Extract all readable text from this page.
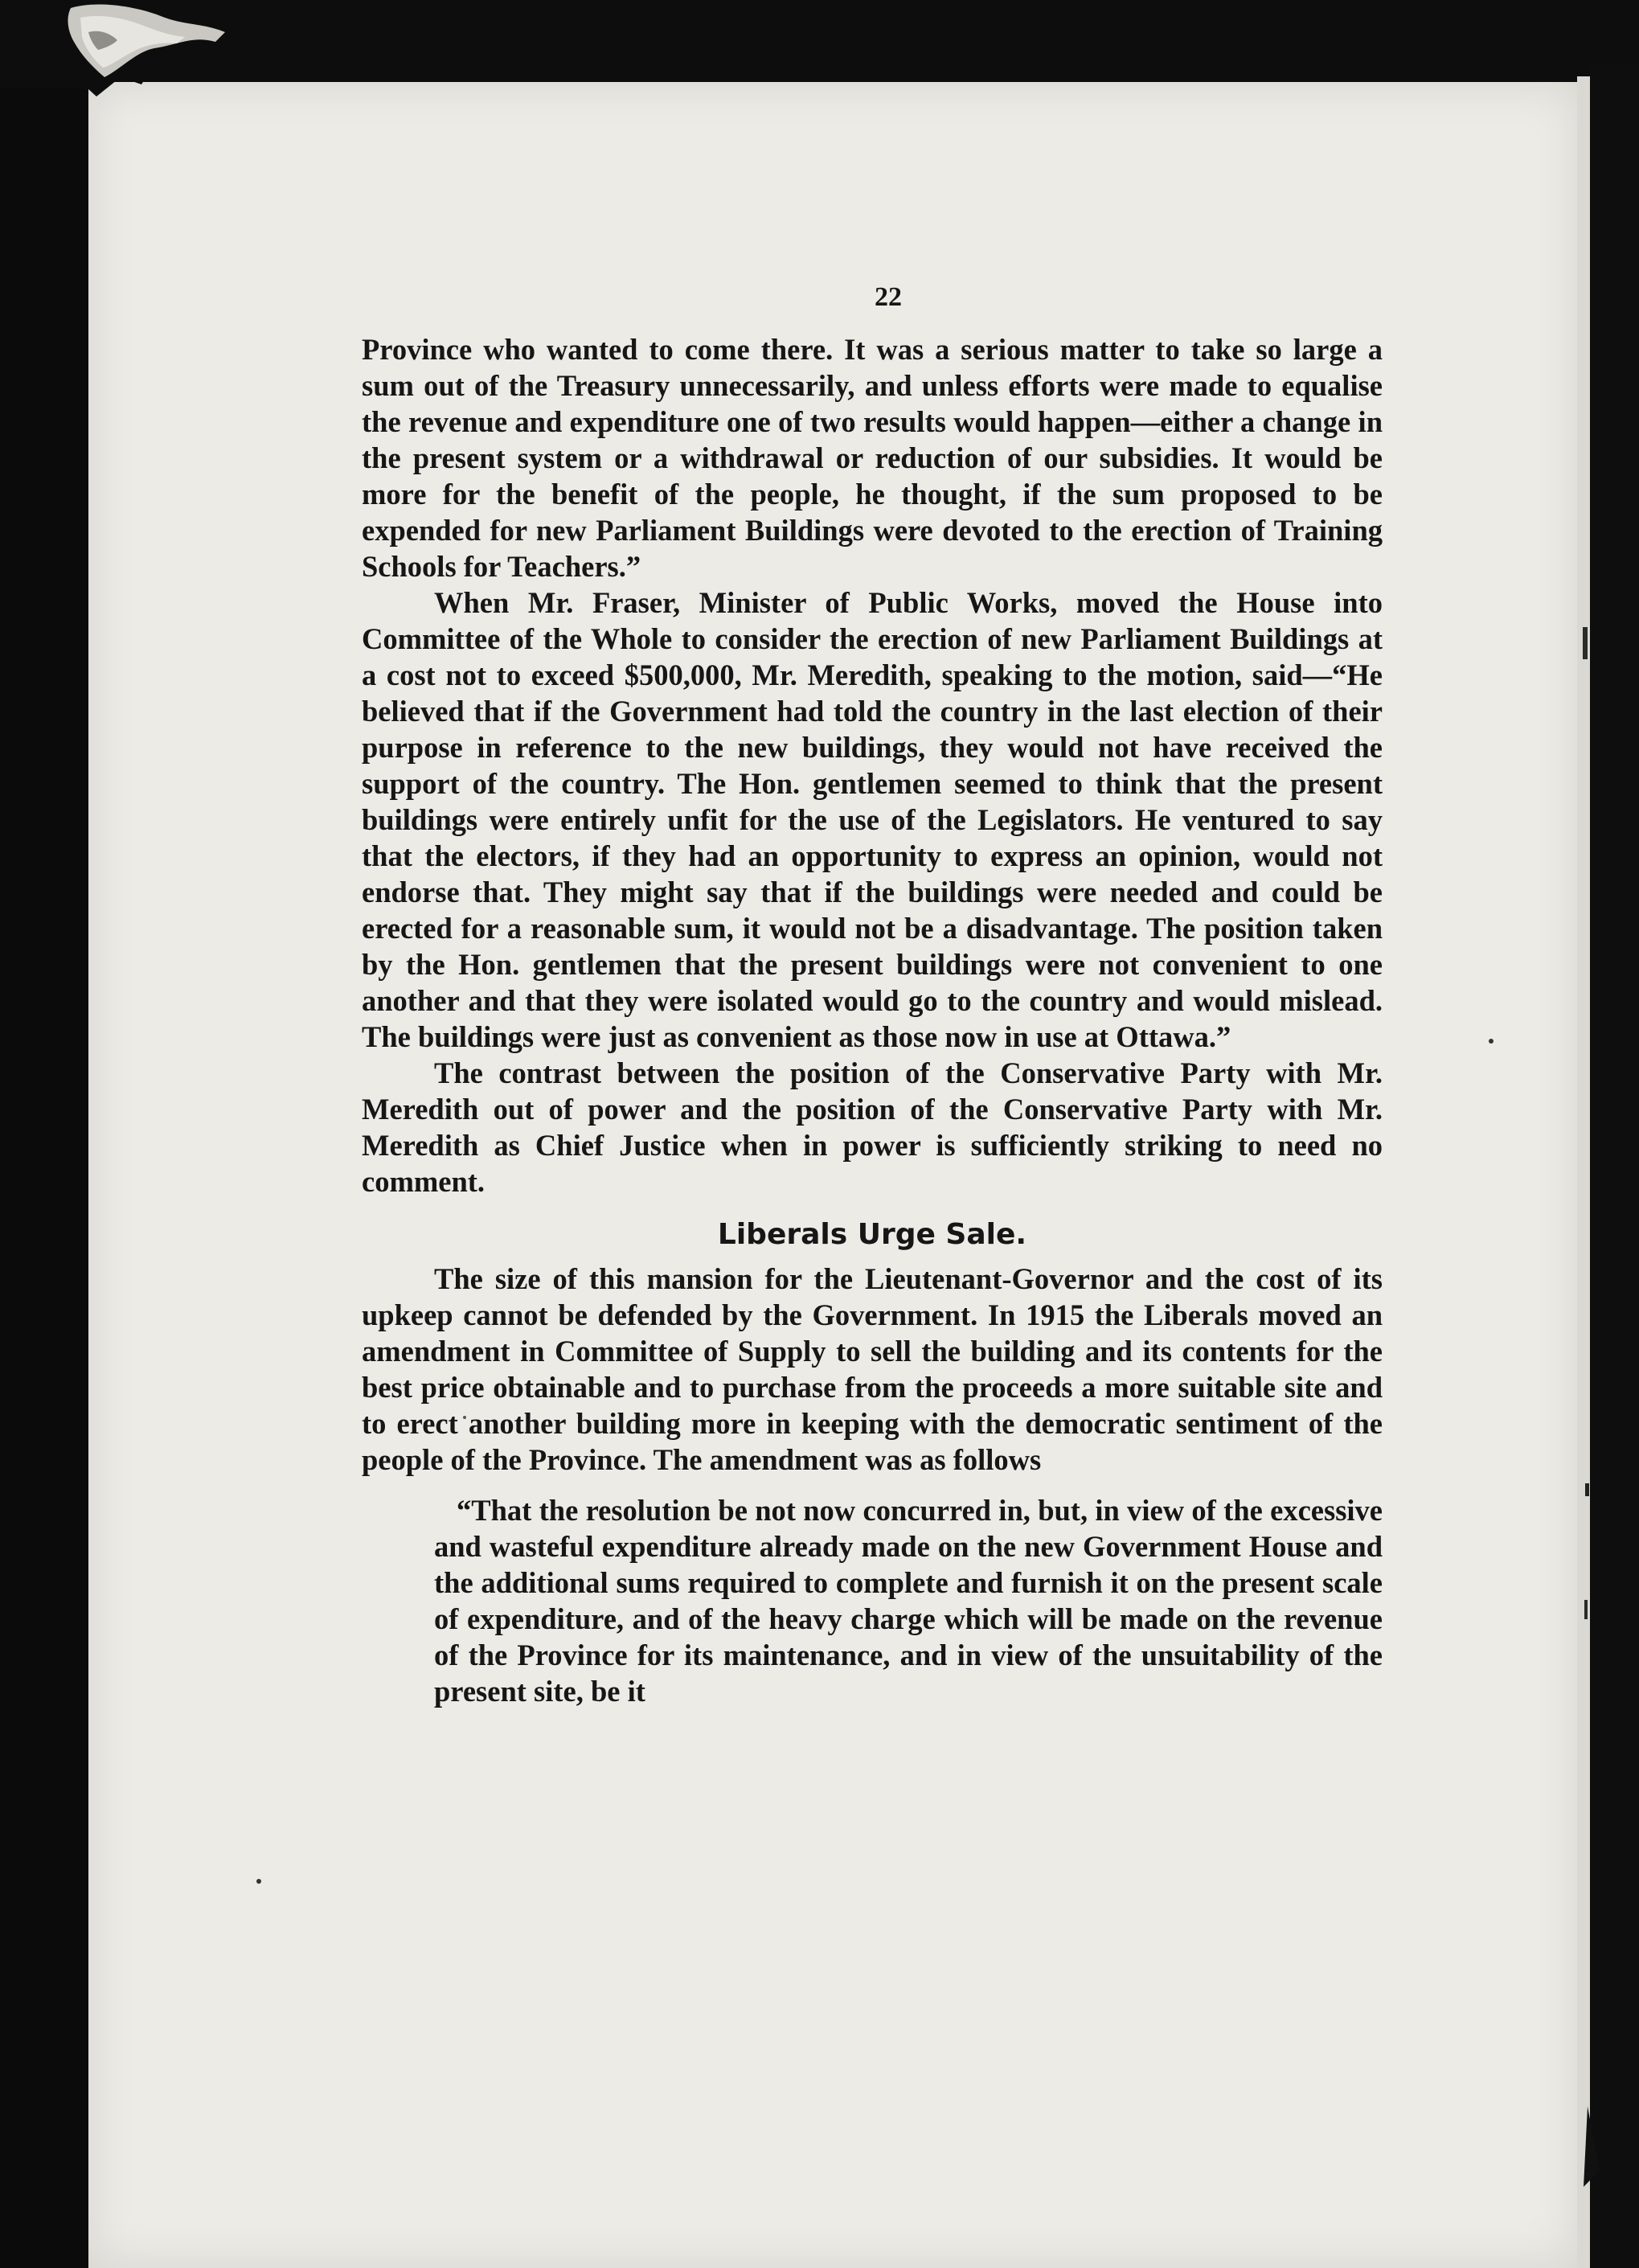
22

Province who wanted to come there. It was a serious matter to take so large a sum out of the Treasury unnecessarily, and unless efforts were made to equalise the revenue and expenditure one of two results would happen—either a change in the present system or a withdrawal or reduction of our subsidies. It would be more for the benefit of the people, he thought, if the sum proposed to be expended for new Parliament Buildings were devoted to the erection of Training Schools for Teachers.”

When Mr. Fraser, Minister of Public Works, moved the House into Committee of the Whole to consider the erection of new Parliament Buildings at a cost not to exceed $500,000, Mr. Meredith, speaking to the motion, said—“He believed that if the Government had told the country in the last election of their purpose in reference to the new buildings, they would not have received the support of the country. The Hon. gentlemen seemed to think that the present buildings were entirely unfit for the use of the Legislators. He ventured to say that the electors, if they had an opportunity to express an opinion, would not endorse that. They might say that if the buildings were needed and could be erected for a reasonable sum, it would not be a disadvantage. The position taken by the Hon. gentlemen that the present buildings were not convenient to one another and that they were isolated would go to the country and would mislead. The buildings were just as convenient as those now in use at Ottawa.”

The contrast between the position of the Conservative Party with Mr. Meredith out of power and the position of the Conservative Party with Mr. Meredith as Chief Justice when in power is sufficiently striking to need no comment.

Liberals Urge Sale.

The size of this mansion for the Lieutenant-Governor and the cost of its upkeep cannot be defended by the Government. In 1915 the Liberals moved an amendment in Committee of Supply to sell the building and its contents for the best price obtainable and to purchase from the proceeds a more suitable site and to erect another building more in keeping with the democratic sentiment of the people of the Province. The amendment was as follows

“That the resolution be not now concurred in, but, in view of the excessive and wasteful expenditure already made on the new Government House and the additional sums required to complete and furnish it on the present scale of expenditure, and of the heavy charge which will be made on the revenue of the Province for its maintenance, and in view of the unsuitability of the present site, be it
